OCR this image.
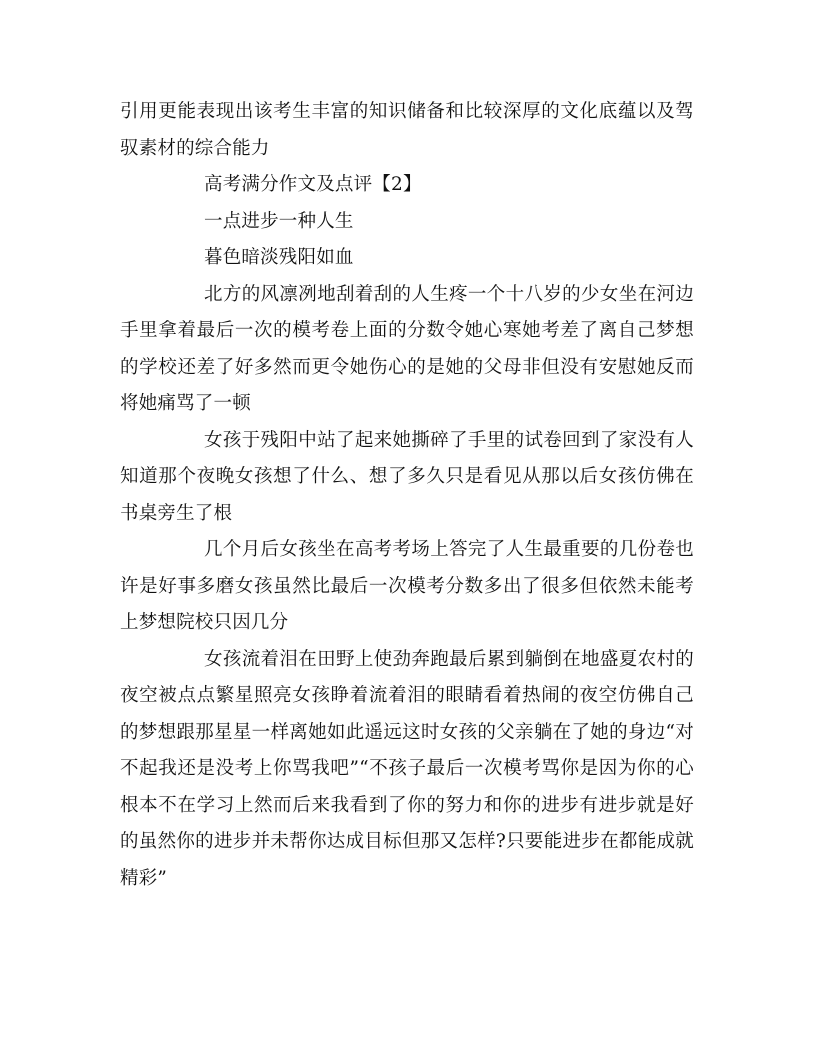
引用更能表现出该考生丰富的知识储备和比较深厚的文化底蕴以及驾驭素材的综合能力

高考满分作文及点评【2】

一点进步一种人生

暮色暗淡残阳如血

北方的风凛冽地刮着刮的人生疼一个十八岁的少女坐在河边手里拿着最后一次的模考卷上面的分数令她心寒她考差了离自己梦想的学校还差了好多然而更令她伤心的是她的父母非但没有安慰她反而将她痛骂了一顿

女孩于残阳中站了起来她撕碎了手里的试卷回到了家没有人知道那个夜晚女孩想了什么、想了多久只是看见从那以后女孩仿佛在书桌旁生了根

几个月后女孩坐在高考考场上答完了人生最重要的几份卷也许是好事多磨女孩虽然比最后一次模考分数多出了很多但依然未能考上梦想院校只因几分

女孩流着泪在田野上使劲奔跑最后累到躺倒在地盛夏农村的夜空被点点繁星照亮女孩睁着流着泪的眼睛看着热闹的夜空仿佛自己的梦想跟那星星一样离她如此遥远这时女孩的父亲躺在了她的身边“对不起我还是没考上你骂我吧”“不孩子最后一次模考骂你是因为你的心根本不在学习上然而后来我看到了你的努力和你的进步有进步就是好的虽然你的进步并未帮你达成目标但那又怎样?只要能进步在都能成就精彩”
